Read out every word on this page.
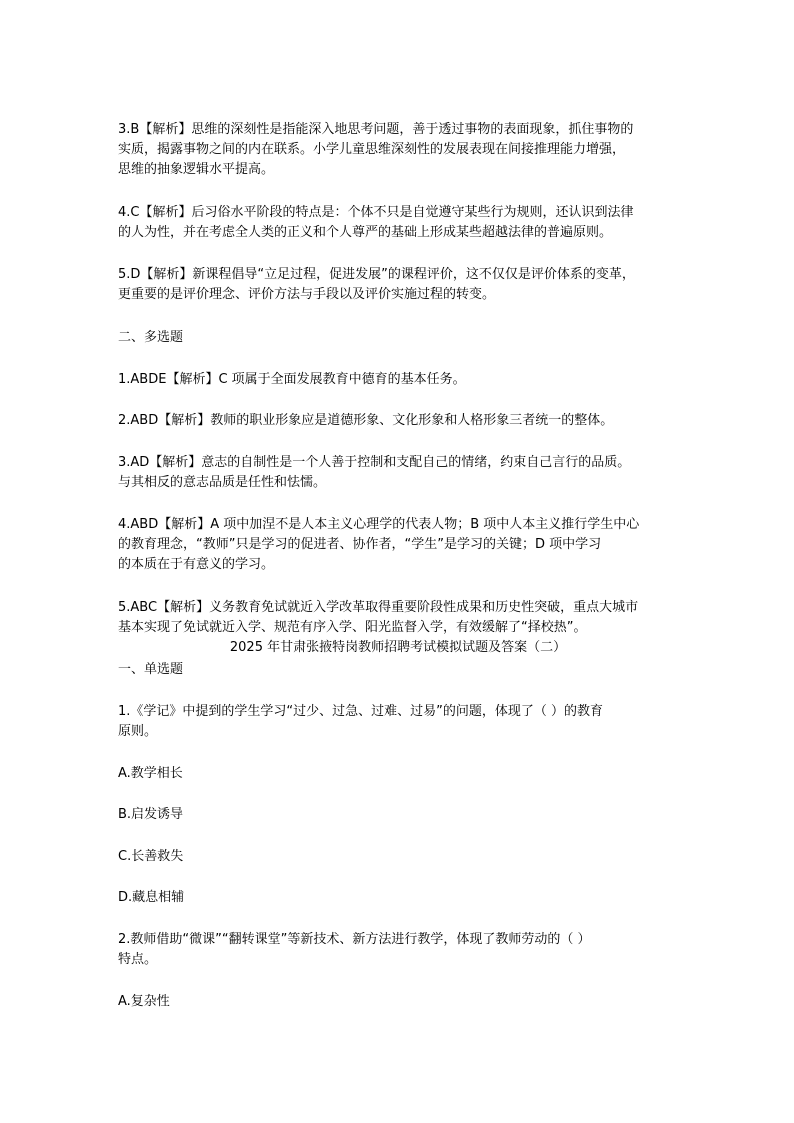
3.B【解析】思维的深刻性是指能深入地思考问题，善于透过事物的表面现象，抓住事物的

实质，揭露事物之间的内在联系。小学儿童思维深刻性的发展表现在间接推理能力增强，

思维的抽象逻辑水平提高。

4.C【解析】后习俗水平阶段的特点是：个体不只是自觉遵守某些行为规则，还认识到法律

的人为性，并在考虑全人类的正义和个人尊严的基础上形成某些超越法律的普遍原则。

5.D【解析】新课程倡导“立足过程，促进发展”的课程评价，这不仅仅是评价体系的变革，

更重要的是评价理念、评价方法与手段以及评价实施过程的转变。

二、多选题

1.ABDE【解析】C 项属于全面发展教育中德育的基本任务。

2.ABD【解析】教师的职业形象应是道德形象、文化形象和人格形象三者统一的整体。

3.AD【解析】意志的自制性是一个人善于控制和支配自己的情绪，约束自己言行的品质。

与其相反的意志品质是任性和怯懦。

4.ABD【解析】A 项中加涅不是人本主义心理学的代表人物；B 项中人本主义推行学生中心

的教育理念，“教师”只是学习的促进者、协作者，“学生”是学习的关键；D 项中学习

的本质在于有意义的学习。

5.ABC【解析】义务教育免试就近入学改革取得重要阶段性成果和历史性突破，重点大城市

基本实现了免试就近入学、规范有序入学、阳光监督入学，有效缓解了“择校热”。

2025 年甘肃张掖特岗教师招聘考试模拟试题及答案（二）

一、单选题

1.《学记》中提到的学生学习“过少、过急、过难、过易”的问题，体现了（ ）的教育

原则。

A.教学相长

B.启发诱导

C.长善救失

D.藏息相辅

2.教师借助“微课”“翻转课堂”等新技术、新方法进行教学，体现了教师劳动的（ ）

特点。

A.复杂性
